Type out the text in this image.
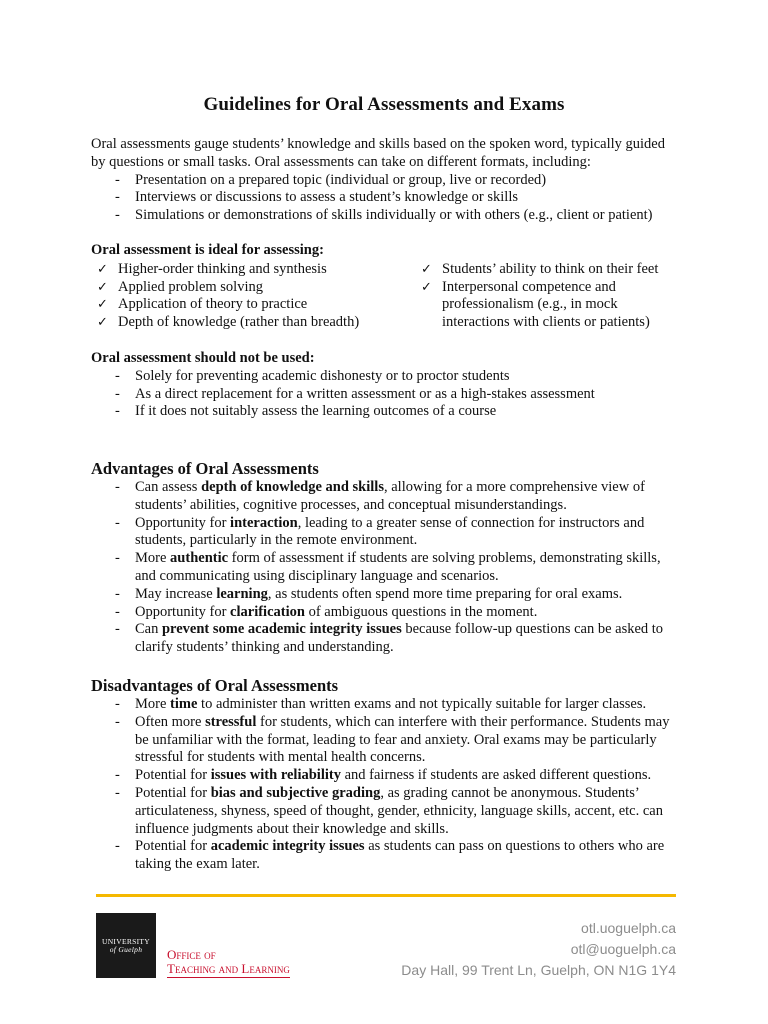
Guidelines for Oral Assessments and Exams

Oral assessments gauge students’ knowledge and skills based on the spoken word, typically guided by questions or small tasks. Oral assessments can take on different formats, including:

- Presentation on a prepared topic (individual or group, live or recorded)
- Interviews or discussions to assess a student’s knowledge or skills
- Simulations or demonstrations of skills individually or with others (e.g., client or patient)

Oral assessment is ideal for assessing:

✓ Higher-order thinking and synthesis
✓ Applied problem solving
✓ Application of theory to practice
✓ Depth of knowledge (rather than breadth)
✓ Students’ ability to think on their feet
✓ Interpersonal competence and professionalism (e.g., in mock interactions with clients or patients)

Oral assessment should not be used:

- Solely for preventing academic dishonesty or to proctor students
- As a direct replacement for a written assessment or as a high-stakes assessment
- If it does not suitably assess the learning outcomes of a course
Advantages of Oral Assessments
- Can assess depth of knowledge and skills, allowing for a more comprehensive view of students’ abilities, cognitive processes, and conceptual misunderstandings.
- Opportunity for interaction, leading to a greater sense of connection for instructors and students, particularly in the remote environment.
- More authentic form of assessment if students are solving problems, demonstrating skills, and communicating using disciplinary language and scenarios.
- May increase learning, as students often spend more time preparing for oral exams.
- Opportunity for clarification of ambiguous questions in the moment.
- Can prevent some academic integrity issues because follow-up questions can be asked to clarify students’ thinking and understanding.
Disadvantages of Oral Assessments
- More time to administer than written exams and not typically suitable for larger classes.
- Often more stressful for students, which can interfere with their performance. Students may be unfamiliar with the format, leading to fear and anxiety. Oral exams may be particularly stressful for students with mental health concerns.
- Potential for issues with reliability and fairness if students are asked different questions.
- Potential for bias and subjective grading, as grading cannot be anonymous. Students’ articulateness, shyness, speed of thought, gender, ethnicity, language skills, accent, etc. can influence judgments about their knowledge and skills.
- Potential for academic integrity issues as students can pass on questions to others who are taking the exam later.
UNIVERSITY
of Guelph Office of
Teaching and Learning
otl.uoguelph.ca
otl@uoguelph.ca
Day Hall, 99 Trent Ln, Guelph, ON N1G 1Y4
